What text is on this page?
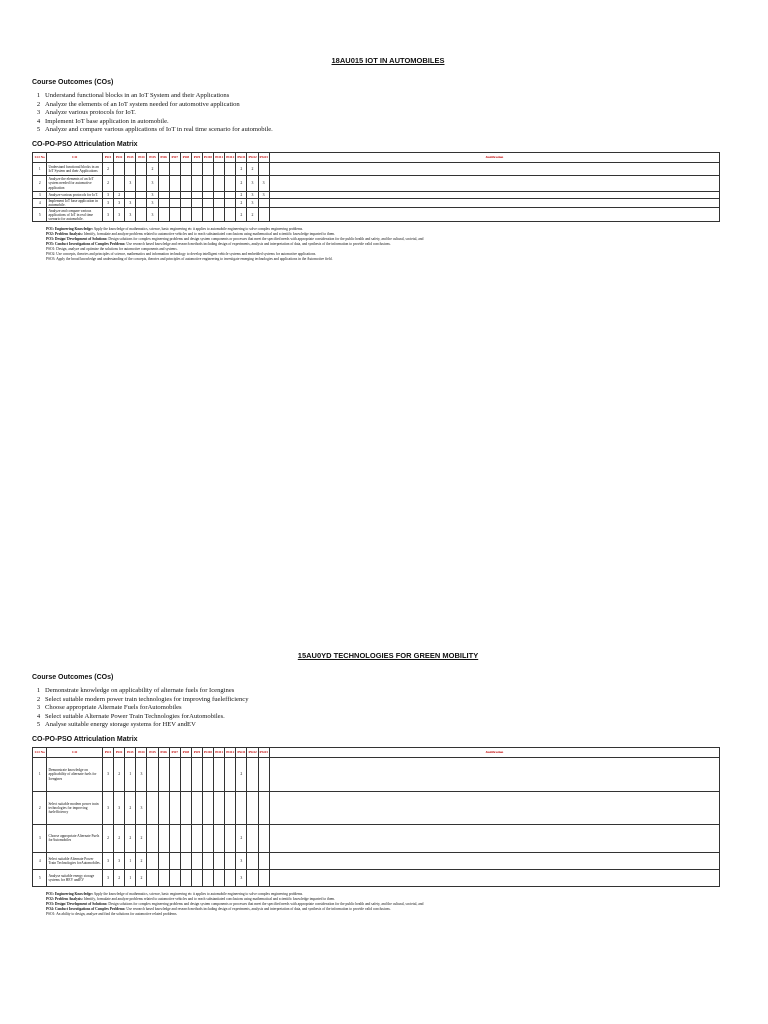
18AU015 IOT IN AUTOMOBILES
Course Outcomes (COs)
1 Understand functional blocks in an IoT System and their Applications
2 Analyze the elements of an IoT system needed for automotive application
3 Analyze various protocols for IoT.
4 Implement IoT base application in automobile.
5 Analyze and compare various applications of IoT in real time scenario for automobile.
CO-PO-PSO Attriculation Matrix
CO No	CO	PO1	PO2	PO3	PO4	PO5	PO6	PO7	PO8	PO9	PO10	PO11	PO12	PSO1	PSO2	PSO3	Justification
1	Understand functional blocks in an IoT System and their Applications	2				2								2	2		
2	Analyze the elements of an IoT system needed for automotive application	2		3		3								2	3	3	
3	Analyze various protocols for IoT.	3	2			3								2	3	3	
4	Implement IoT base application in automobile.	3	3	3		3								2	3		
5	Analyze and compare various applications of IoT in real time scenario for automobile.	3	3	3		3								2	2		

PO1: Engineering Knowledge: Apply the knowledge of mathematics, science, basic engineering etc it applies to automobile engineering to solve complex engineering problems.

PO2: Problem Analysis: Identify, formulate and analyze problems related to automotive vehicles and to reach substantiated conclusions using mathematical and scientific knowledge imparted to them.

PO3: Design/ Development of Solutions: Design solutions for complex engineering problems and design system components or processes that meet the specified needs with appropriate consideration for the public health and safety, and the cultural, societal, and

PO5: Conduct Investigations of Complex Problems: Use research based knowledge and research methods including design of experiments, analysis and interpretation of data, and synthesis of the information to provide valid conclusions.

PSO1: Design, analyze and optimize the solutions for automotive components and systems.

PSO2: Use concepts, theories and principles of science, mathematics and information technology to develop intelligent vehicle systems and embedded systems for automotive applications.

PSO3: Apply the broad knowledge and understanding of the concepts, theories and principles of automotive engineering to investigate emerging technologies and applications in the Automotive field.

15AU0YD TECHNOLOGIES FOR GREEN MOBILITY
Course Outcomes (COs)
1 Demonstrate knowledge on applicability of alternate fuels for Icengines
2 Select suitable modern power train technologies for improving fuelefficiency
3 Choose appropriate Alternate Fuels forAutomobiles
4 Select suitable Alternate Power Train Technologies forAutomobiles.
5 Analyse suitable energy storage systems for HEV andEV
CO-PO-PSO Attriculation Matrix
CO No	CO	PO1	PO2	PO3	PO4	PO5	PO6	PO7	PO8	PO9	PO10	PO11	PO12	PSO1	PSO2	PSO3	Justification
1	Demonstrate knowledge on applicability of alternate fuels for Icengines	3	2	1	3									2			
2	Select suitable modern power train technologies for improving fuelefficiency	3	3	2	3												
3	Choose appropriate Alternate Fuels forAutomobiles	2	2	2	2									2			
4	Select suitable Alternate Power Train Technologies forAutomobiles.	3	3	1	2									3			
5	Analyse suitable energy storage systems for HEV andEV	3	2	1	2									3			

PO1: Engineering Knowledge: Apply the knowledge of mathematics, science, basic engineering etc it applies to automobile engineering to solve complex engineering problems.

PO2: Problem Analysis: Identify, formulate and analyze problems related to automotive vehicles and to reach substantiated conclusions using mathematical and scientific knowledge imparted to them.

PO3: Design/ Development of Solutions: Design solutions for complex engineering problems and design system components or processes that meet the specified needs with appropriate consideration for the public health and safety, and the cultural, societal, and

PO4: Conduct Investigations of Complex Problems: Use research based knowledge and research methods including design of experiments, analysis and interpretation of data, and synthesis of the information to provide valid conclusions.

PSO1: An ability to design, analyze and find the solutions for automotive related problems.
